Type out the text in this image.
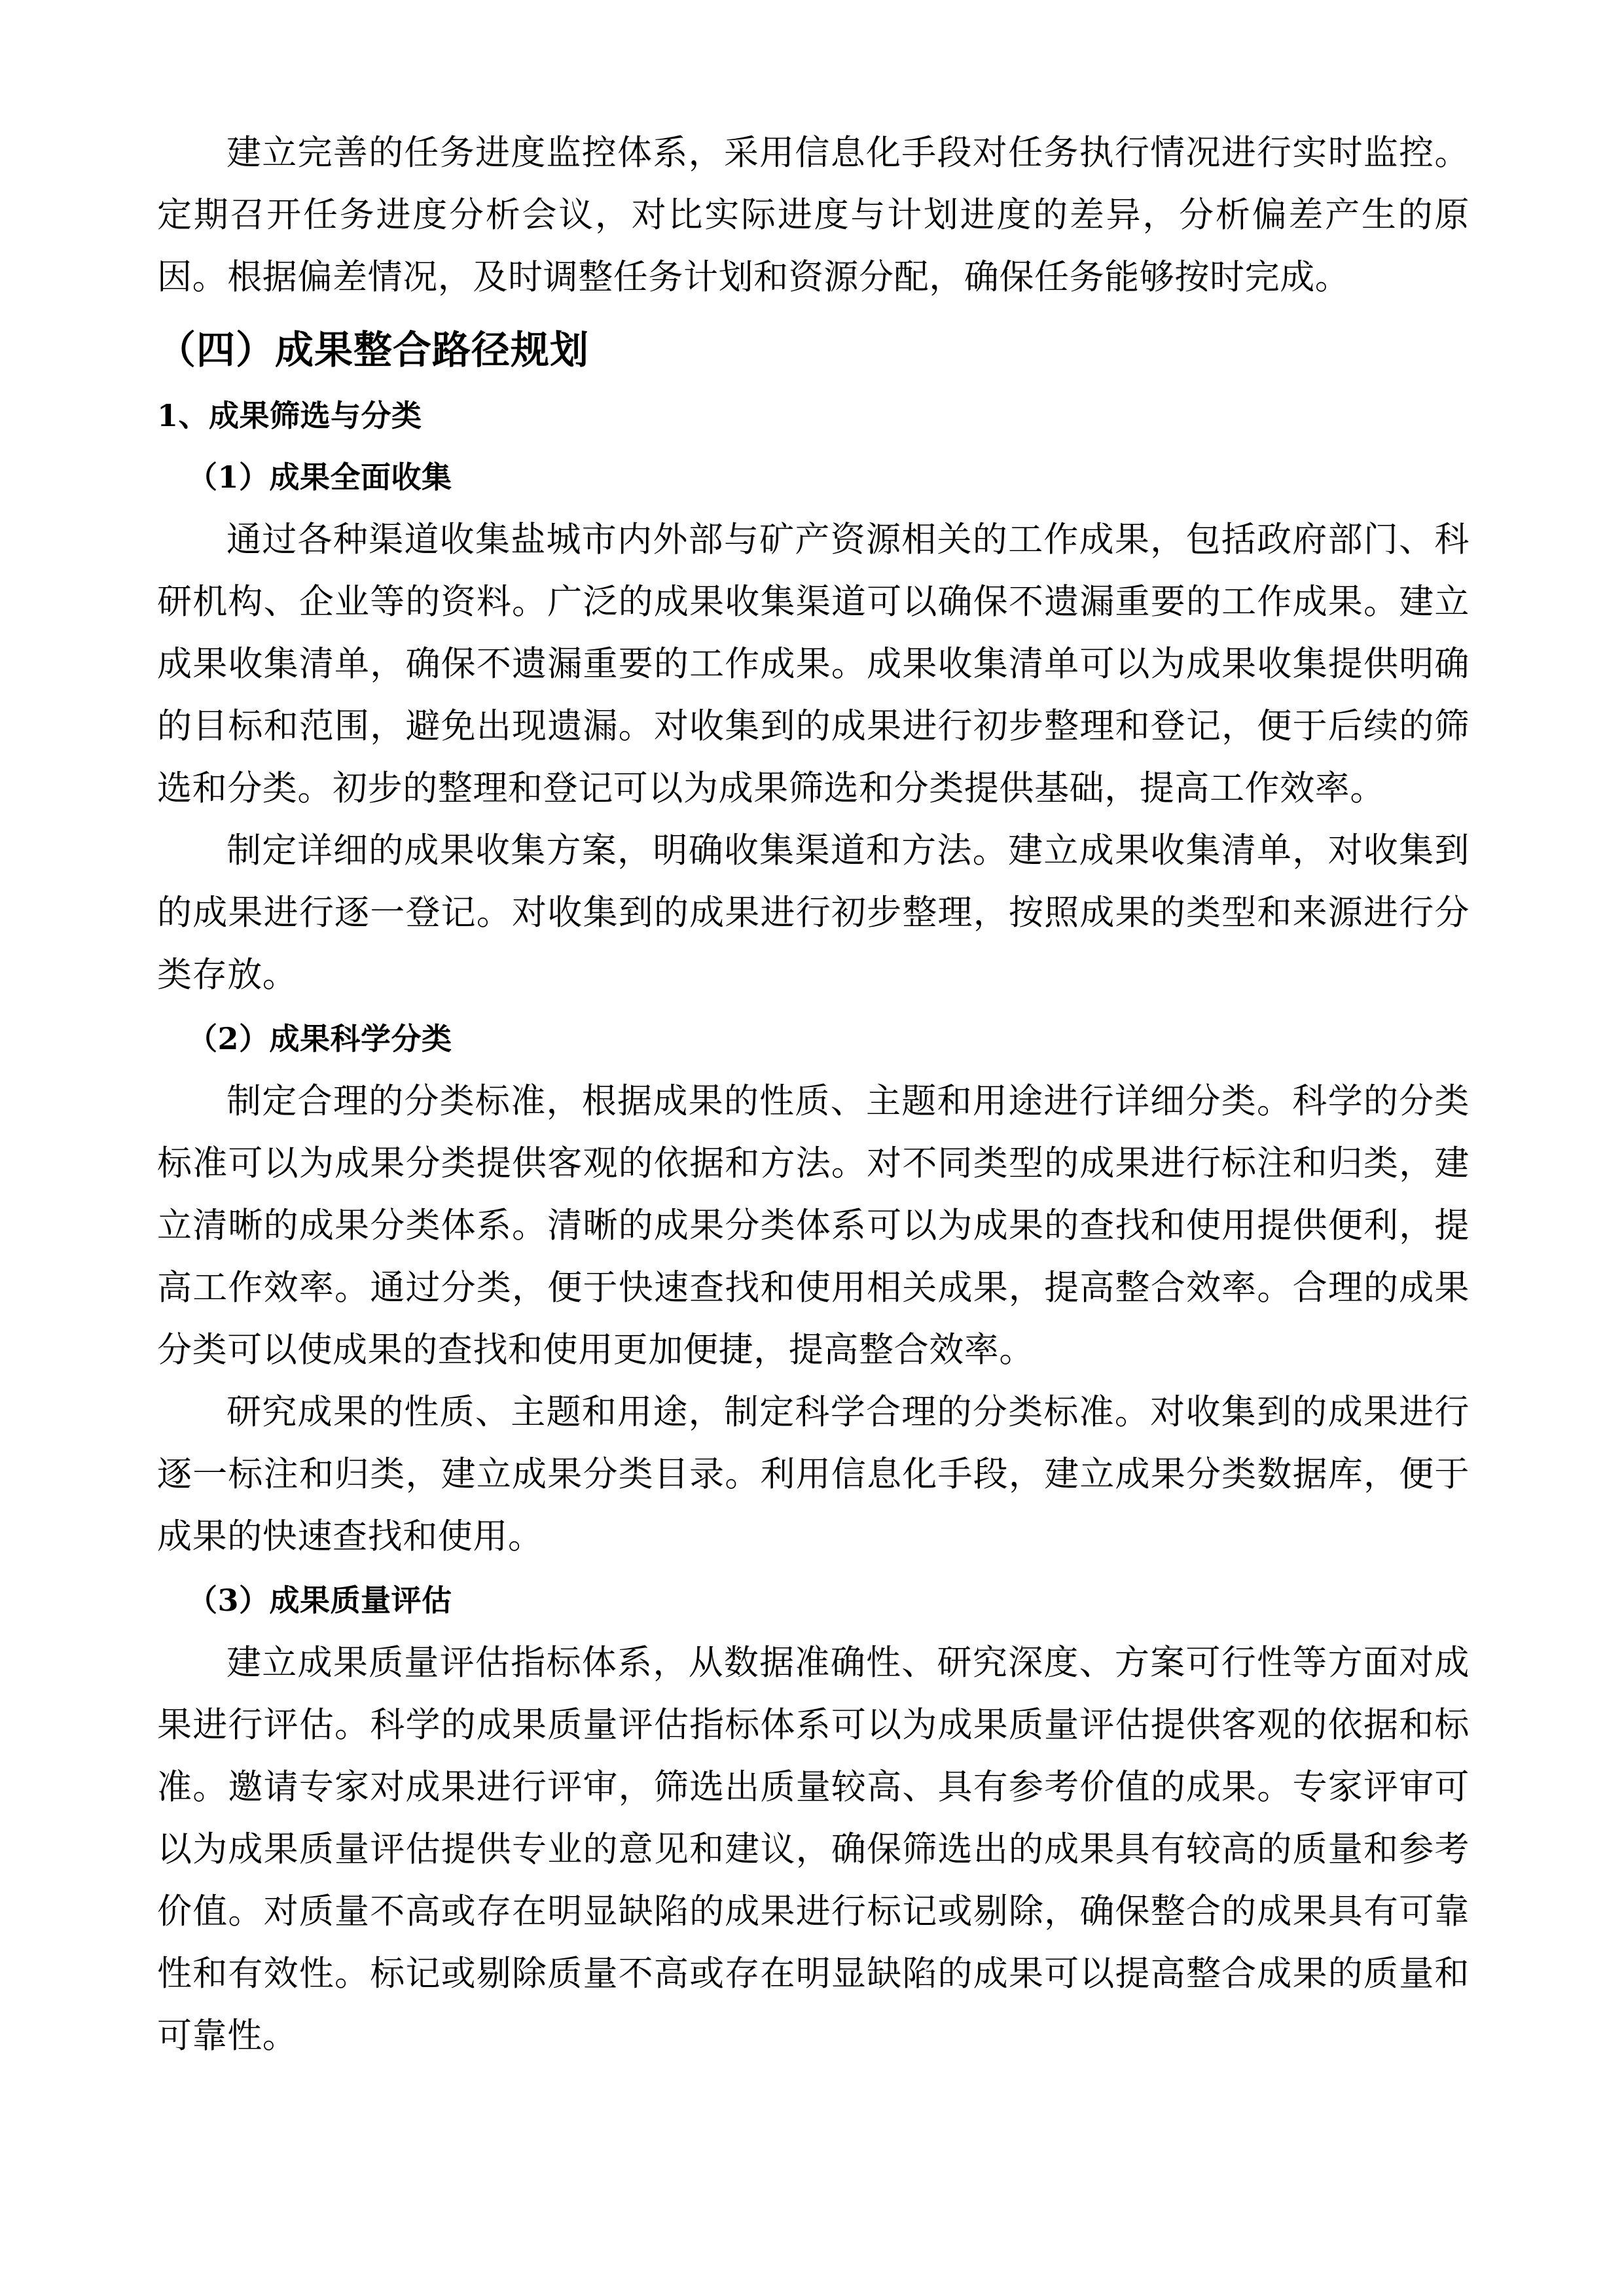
建立完善的任务进度监控体系，采用信息化手段对任务执行情况进行实时监控。定期召开任务进度分析会议，对比实际进度与计划进度的差异，分析偏差产生的原因。根据偏差情况，及时调整任务计划和资源分配，确保任务能够按时完成。

（四）成果整合路径规划
1、成果筛选与分类
（1）成果全面收集

通过各种渠道收集盐城市内外部与矿产资源相关的工作成果，包括政府部门、科研机构、企业等的资料。广泛的成果收集渠道可以确保不遗漏重要的工作成果。建立成果收集清单，确保不遗漏重要的工作成果。成果收集清单可以为成果收集提供明确的目标和范围，避免出现遗漏。对收集到的成果进行初步整理和登记，便于后续的筛选和分类。初步的整理和登记可以为成果筛选和分类提供基础，提高工作效率。

制定详细的成果收集方案，明确收集渠道和方法。建立成果收集清单，对收集到的成果进行逐一登记。对收集到的成果进行初步整理，按照成果的类型和来源进行分类存放。

（2）成果科学分类

制定合理的分类标准，根据成果的性质、主题和用途进行详细分类。科学的分类标准可以为成果分类提供客观的依据和方法。对不同类型的成果进行标注和归类，建立清晰的成果分类体系。清晰的成果分类体系可以为成果的查找和使用提供便利，提高工作效率。通过分类，便于快速查找和使用相关成果，提高整合效率。合理的成果分类可以使成果的查找和使用更加便捷，提高整合效率。

研究成果的性质、主题和用途，制定科学合理的分类标准。对收集到的成果进行逐一标注和归类，建立成果分类目录。利用信息化手段，建立成果分类数据库，便于成果的快速查找和使用。

（3）成果质量评估

建立成果质量评估指标体系，从数据准确性、研究深度、方案可行性等方面对成果进行评估。科学的成果质量评估指标体系可以为成果质量评估提供客观的依据和标准。邀请专家对成果进行评审，筛选出质量较高、具有参考价值的成果。专家评审可以为成果质量评估提供专业的意见和建议，确保筛选出的成果具有较高的质量和参考价值。对质量不高或存在明显缺陷的成果进行标记或剔除，确保整合的成果具有可靠性和有效性。标记或剔除质量不高或存在明显缺陷的成果可以提高整合成果的质量和可靠性。
